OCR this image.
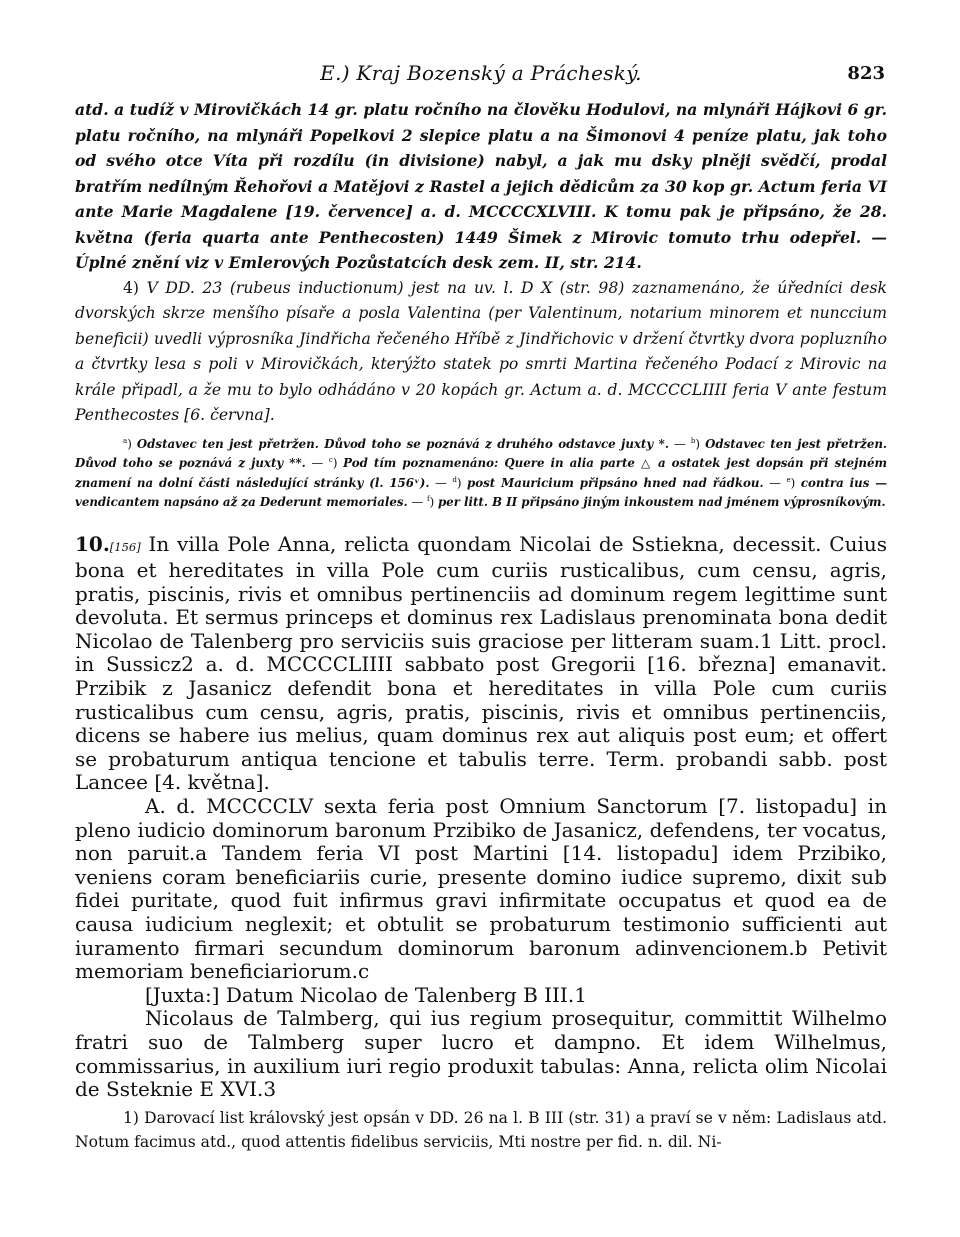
E.) Kraj Bozenský a Prácheský.	823

atd. a tudíž v Mirovičkách 14 gr. platu ročního na člověku Hodulovi, na mlynáři Hájkovi 6 gr. platu ročního, na mlynáři Popelkovi 2 slepice platu a na Šimonovi 4 peníze platu, jak toho od svého otce Víta při rozdílu (in divisione) nabyl, a jak mu dsky plněji svědčí, prodal bratřím nedílným Řehořovi a Matějovi z Rastel a jejich dědicům za 30 kop gr. Actum feria VI ante Marie Magdalene [19. července] a. d. MCCCCXLVIII. K tomu pak je připsáno, že 28. května (feria quarta ante Penthecosten) 1449 Šimek z Mirovic tomuto trhu odepřel. — Úplné znění viz v Emlerových Pozůstatcích desk zem. II, str. 214.

4) V DD. 23 (rubeus inductionum) jest na uv. l. D X (str. 98) zaznamenáno, že úředníci desk dvorských skrze menšího písaře a posla Valentina (per Valentinum, notarium minorem et nunccium beneficii) uvedli výprosníka Jindřicha řečeného Hříbě z Jindřichovic v držení čtvrtky dvora popluzního a čtvrtky lesa s poli v Mirovičkách, kterýžto statek po smrti Martina řečeného Podací z Mirovic na krále připadl, a že mu to bylo odhádáno v 20 kopách gr. Actum a. d. MCCCCLIIII feria V ante festum Penthecostes [6. června].

$^a$) Odstavec ten jest přetržen. Důvod toho se poznává z druhého odstavce juxty *. — $^b$) Odstavec ten jest přetržen. Důvod toho se poznává z juxty **. — $^c$) Pod tím poznamenáno: Quere in alia parte △ a ostatek jest dopsán při stejném znamení na dolní části následující stránky (l. 156ᵛ). — $^d$) post Mauricium připsáno hned nad řádkou. — $^e$) contra ius — vendicantem napsáno až za Dederunt memoriales. — $^f$) per litt. B II připsáno jiným inkoustem nad jménem výprosníkovým.

10.[156] In villa Pole Anna, relicta quondam Nicolai de Sstiekna, decessit. Cuius bona et hereditates in villa Pole cum curiis rusticalibus, cum censu, agris, pratis, piscinis, rivis et omnibus pertinenciis ad dominum regem legittime sunt devoluta. Et sermus princeps et dominus rex Ladislaus prenominata bona dedit Nicolao de Talenberg pro serviciis suis graciose per litteram suam.1 Litt. procl. in Sussicz2 a. d. MCCCCLIIII sabbato post Gregorii [16. března] emanavit. Przibik z Jasanicz defendit bona et hereditates in villa Pole cum curiis rusticalibus cum censu, agris, pratis, piscinis, rivis et omnibus pertinenciis, dicens se habere ius melius, quam dominus rex aut aliquis post eum; et offert se probaturum antiqua tencione et tabulis terre. Term. probandi sabb. post Lancee [4. května].

A. d. MCCCCLV sexta feria post Omnium Sanctorum [7. listopadu] in pleno iudicio dominorum baronum Przibiko de Jasanicz, defendens, ter vocatus, non paruit.a Tandem feria VI post Martini [14. listopadu] idem Przibiko, veniens coram beneficiariis curie, presente domino iudice supremo, dixit sub fidei puritate, quod fuit infirmus gravi infirmitate occupatus et quod ea de causa iudicium neglexit; et obtulit se probaturum testimonio sufficienti aut iuramento firmari secundum dominorum baronum adinvencionem.b Petivit memoriam beneficiariorum.c

[Juxta:] Datum Nicolao de Talenberg B III.1

Nicolaus de Talmberg, qui ius regium prosequitur, committit Wilhelmo fratri suo de Talmberg super lucro et dampno. Et idem Wilhelmus, commissarius, in auxilium iuri regio produxit tabulas: Anna, relicta olim Nicolai de Ssteknie E XVI.3

1) Darovací list královský jest opsán v DD. 26 na l. B III (str. 31) a praví se v něm: Ladislaus atd. Notum facimus atd., quod attentis fidelibus serviciis, Mti nostre per fid. n. dil. Ni-
